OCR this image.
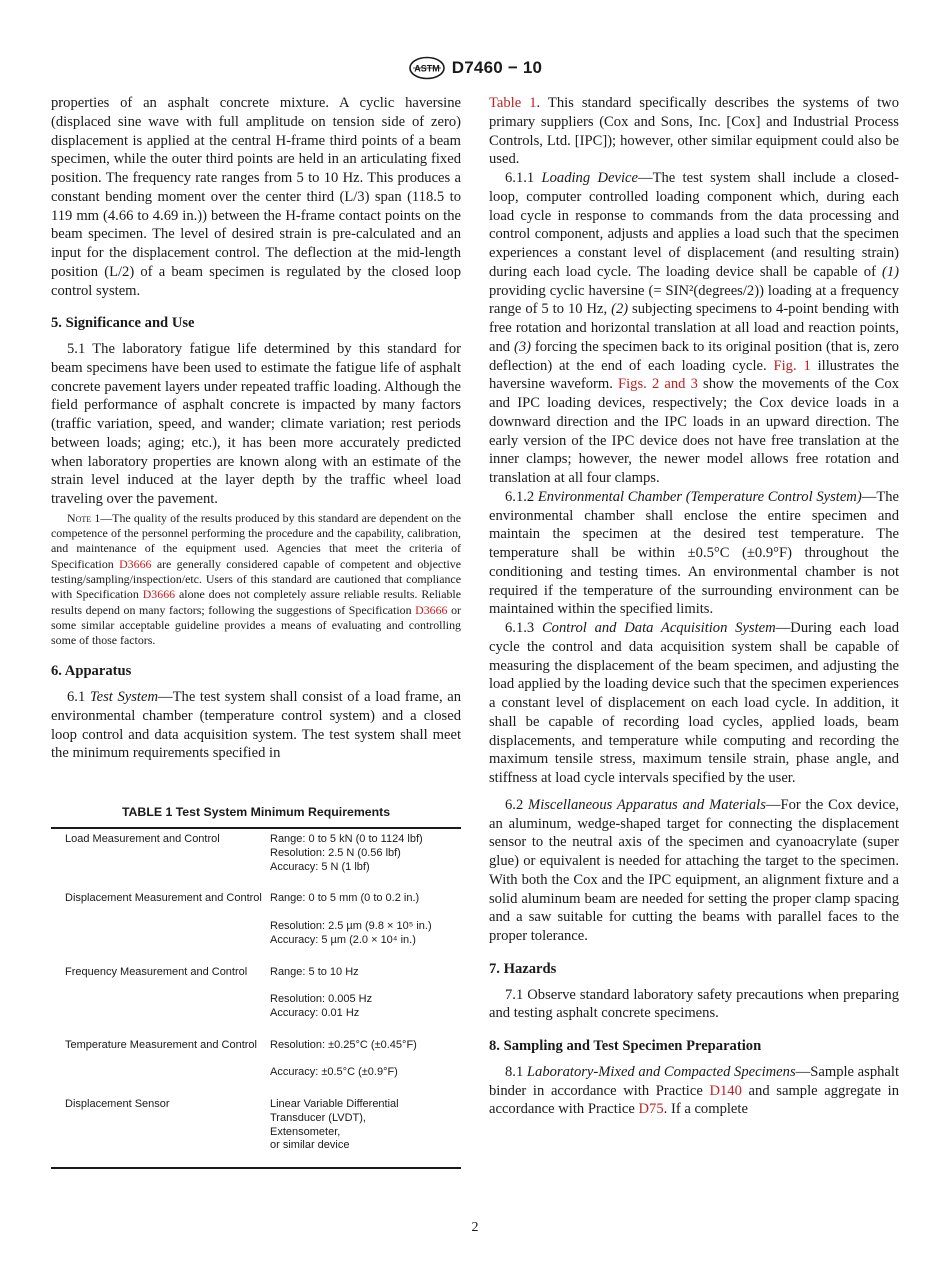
ASTM D7460 − 10

properties of an asphalt concrete mixture. A cyclic haversine (displaced sine wave with full amplitude on tension side of zero) displacement is applied at the central H-frame third points of a beam specimen, while the outer third points are held in an articulating fixed position. The frequency rate ranges from 5 to 10 Hz. This produces a constant bending moment over the center third (L/3) span (118.5 to 119 mm (4.66 to 4.69 in.)) between the H-frame contact points on the beam specimen. The level of desired strain is pre-calculated and an input for the displacement control. The deflection at the mid-length position (L/2) of a beam specimen is regulated by the closed loop control system.

5. Significance and Use

5.1 The laboratory fatigue life determined by this standard for beam specimens have been used to estimate the fatigue life of asphalt concrete pavement layers under repeated traffic loading. Although the field performance of asphalt concrete is impacted by many factors (traffic variation, speed, and wander; climate variation; rest periods between loads; aging; etc.), it has been more accurately predicted when laboratory properties are known along with an estimate of the strain level induced at the layer depth by the traffic wheel load traveling over the pavement.

Note 1—The quality of the results produced by this standard are dependent on the competence of the personnel performing the procedure and the capability, calibration, and maintenance of the equipment used. Agencies that meet the criteria of Specification D3666 are generally considered capable of competent and objective testing/sampling/inspection/etc. Users of this standard are cautioned that compliance with Specification D3666 alone does not completely assure reliable results. Reliable results depend on many factors; following the suggestions of Specification D3666 or some similar acceptable guideline provides a means of evaluating and controlling some of those factors.
6. Apparatus

6.1 Test System—The test system shall consist of a load frame, an environmental chamber (temperature control system) and a closed loop control and data acquisition system. The test system shall meet the minimum requirements specified in

TABLE 1 Test System Minimum Requirements
Load Measurement and Control	Range: 0 to 5 kN (0 to 1124 lbf)
Resolution: 2.5 N (0.56 lbf)
Accuracy: 5 N (1 lbf)

Displacement Measurement and Control	Range: 0 to 5 mm (0 to 0.2 in.)
Resolution: 2.5 µm (9.8 × 10⁵ in.)
Accuracy: 5 µm (2.0 × 10⁴ in.)

Frequency Measurement and Control	Range: 5 to 10 Hz
Resolution: 0.005 Hz
Accuracy: 0.01 Hz

Temperature Measurement and Control	Resolution: ±0.25°C (±0.45°F)
Accuracy: ±0.5°C (±0.9°F)

Displacement Sensor	Linear Variable Differential
Transducer (LVDT),
Extensometer,
or similar device

Table 1. This standard specifically describes the systems of two primary suppliers (Cox and Sons, Inc. [Cox] and Industrial Process Controls, Ltd. [IPC]); however, other similar equipment could also be used.

6.1.1 Loading Device—The test system shall include a closed-loop, computer controlled loading component which, during each load cycle in response to commands from the data processing and control component, adjusts and applies a load such that the specimen experiences a constant level of displacement (and resulting strain) during each load cycle. The loading device shall be capable of (1) providing cyclic haversine (= SIN²(degrees/2)) loading at a frequency range of 5 to 10 Hz, (2) subjecting specimens to 4-point bending with free rotation and horizontal translation at all load and reaction points, and (3) forcing the specimen back to its original position (that is, zero deflection) at the end of each loading cycle. Fig. 1 illustrates the haversine waveform. Figs. 2 and 3 show the movements of the Cox and IPC loading devices, respectively; the Cox device loads in a downward direction and the IPC loads in an upward direction. The early version of the IPC device does not have free translation at the inner clamps; however, the newer model allows free rotation and translation at all four clamps.

6.1.2 Environmental Chamber (Temperature Control System)—The environmental chamber shall enclose the entire specimen and maintain the specimen at the desired test temperature. The temperature shall be within ±0.5°C (±0.9°F) throughout the conditioning and testing times. An environmental chamber is not required if the temperature of the surrounding environment can be maintained within the specified limits.

6.1.3 Control and Data Acquisition System—During each load cycle the control and data acquisition system shall be capable of measuring the displacement of the beam specimen, and adjusting the load applied by the loading device such that the specimen experiences a constant level of displacement on each load cycle. In addition, it shall be capable of recording load cycles, applied loads, beam displacements, and temperature while computing and recording the maximum tensile stress, maximum tensile strain, phase angle, and stiffness at load cycle intervals specified by the user.

6.2 Miscellaneous Apparatus and Materials—For the Cox device, an aluminum, wedge-shaped target for connecting the displacement sensor to the neutral axis of the specimen and cyanoacrylate (super glue) or equivalent is needed for attaching the target to the specimen. With both the Cox and the IPC equipment, an alignment fixture and a solid aluminum beam are needed for setting the proper clamp spacing and a saw suitable for cutting the beams with parallel faces to the proper tolerance.

7. Hazards

7.1 Observe standard laboratory safety precautions when preparing and testing asphalt concrete specimens.

8. Sampling and Test Specimen Preparation

8.1 Laboratory-Mixed and Compacted Specimens—Sample asphalt binder in accordance with Practice D140 and sample aggregate in accordance with Practice D75. If a complete

2
